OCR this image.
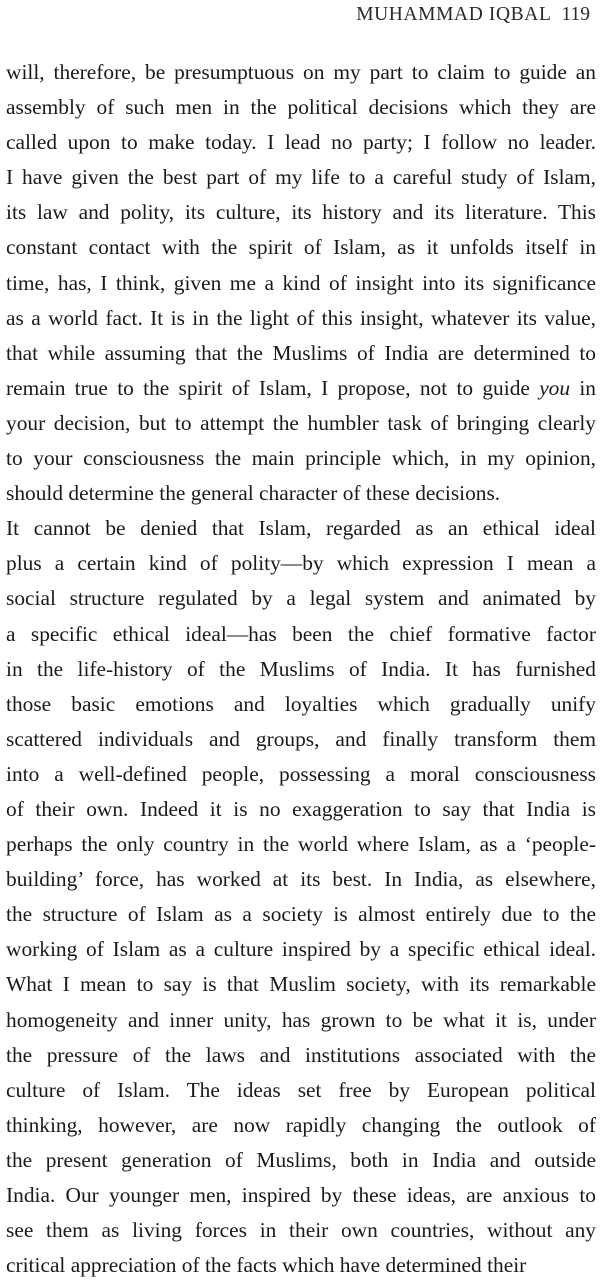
MUHAMMAD IQBAL 119
will, therefore, be presumptuous on my part to claim to guide an
assembly of such men in the political decisions which they are
called upon to make today. I lead no party; I follow no leader.
I have given the best part of my life to a careful study of Islam,
its law and polity, its culture, its history and its literature. This
constant contact with the spirit of Islam, as it unfolds itself in
time, has, I think, given me a kind of insight into its significance
as a world fact. It is in the light of this insight, whatever its value,
that while assuming that the Muslims of India are determined to
remain true to the spirit of Islam, I propose, not to guide you in
your decision, but to attempt the humbler task of bringing clearly
to your consciousness the main principle which, in my opinion,
should determine the general character of these decisions.
It cannot be denied that Islam, regarded as an ethical ideal
plus a certain kind of polity—by which expression I mean a
social structure regulated by a legal system and animated by
a specific ethical ideal—has been the chief formative factor
in the life-history of the Muslims of India. It has furnished
those basic emotions and loyalties which gradually unify
scattered individuals and groups, and finally transform them
into a well-defined people, possessing a moral consciousness
of their own. Indeed it is no exaggeration to say that India is
perhaps the only country in the world where Islam, as a ‘people-
building’ force, has worked at its best. In India, as elsewhere,
the structure of Islam as a society is almost entirely due to the
working of Islam as a culture inspired by a specific ethical ideal.
What I mean to say is that Muslim society, with its remarkable
homogeneity and inner unity, has grown to be what it is, under
the pressure of the laws and institutions associated with the
culture of Islam. The ideas set free by European political
thinking, however, are now rapidly changing the outlook of
the present generation of Muslims, both in India and outside
India. Our younger men, inspired by these ideas, are anxious to
see them as living forces in their own countries, without any
critical appreciation of the facts which have determined their
